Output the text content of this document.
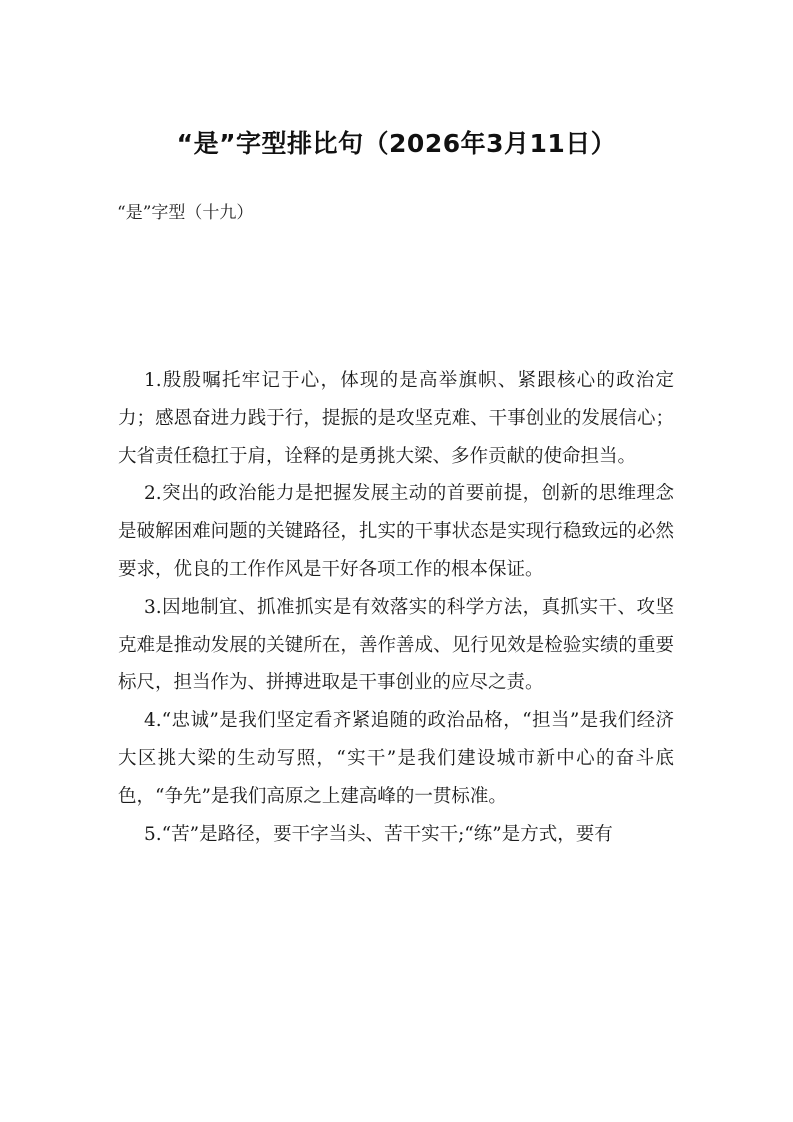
“是”字型排比句（2026年3月11日）

“是”字型（十九）

1.殷殷嘱托牢记于心，体现的是高举旗帜、紧跟核心的政治定力；感恩奋进力践于行，提振的是攻坚克难、干事创业的发展信心；大省责任稳扛于肩，诠释的是勇挑大梁、多作贡献的使命担当。

2.突出的政治能力是把握发展主动的首要前提，创新的思维理念是破解困难问题的关键路径，扎实的干事状态是实现行稳致远的必然要求，优良的工作作风是干好各项工作的根本保证。

3.因地制宜、抓准抓实是有效落实的科学方法，真抓实干、攻坚克难是推动发展的关键所在，善作善成、见行见效是检验实绩的重要标尺，担当作为、拼搏进取是干事创业的应尽之责。

4.“忠诚”是我们坚定看齐紧追随的政治品格，“担当”是我们经济大区挑大梁的生动写照，“实干”是我们建设城市新中心的奋斗底色，“争先”是我们高原之上建高峰的一贯标准。

5.“苦”是路径，要干字当头、苦干实干;“练”是方式，要有
